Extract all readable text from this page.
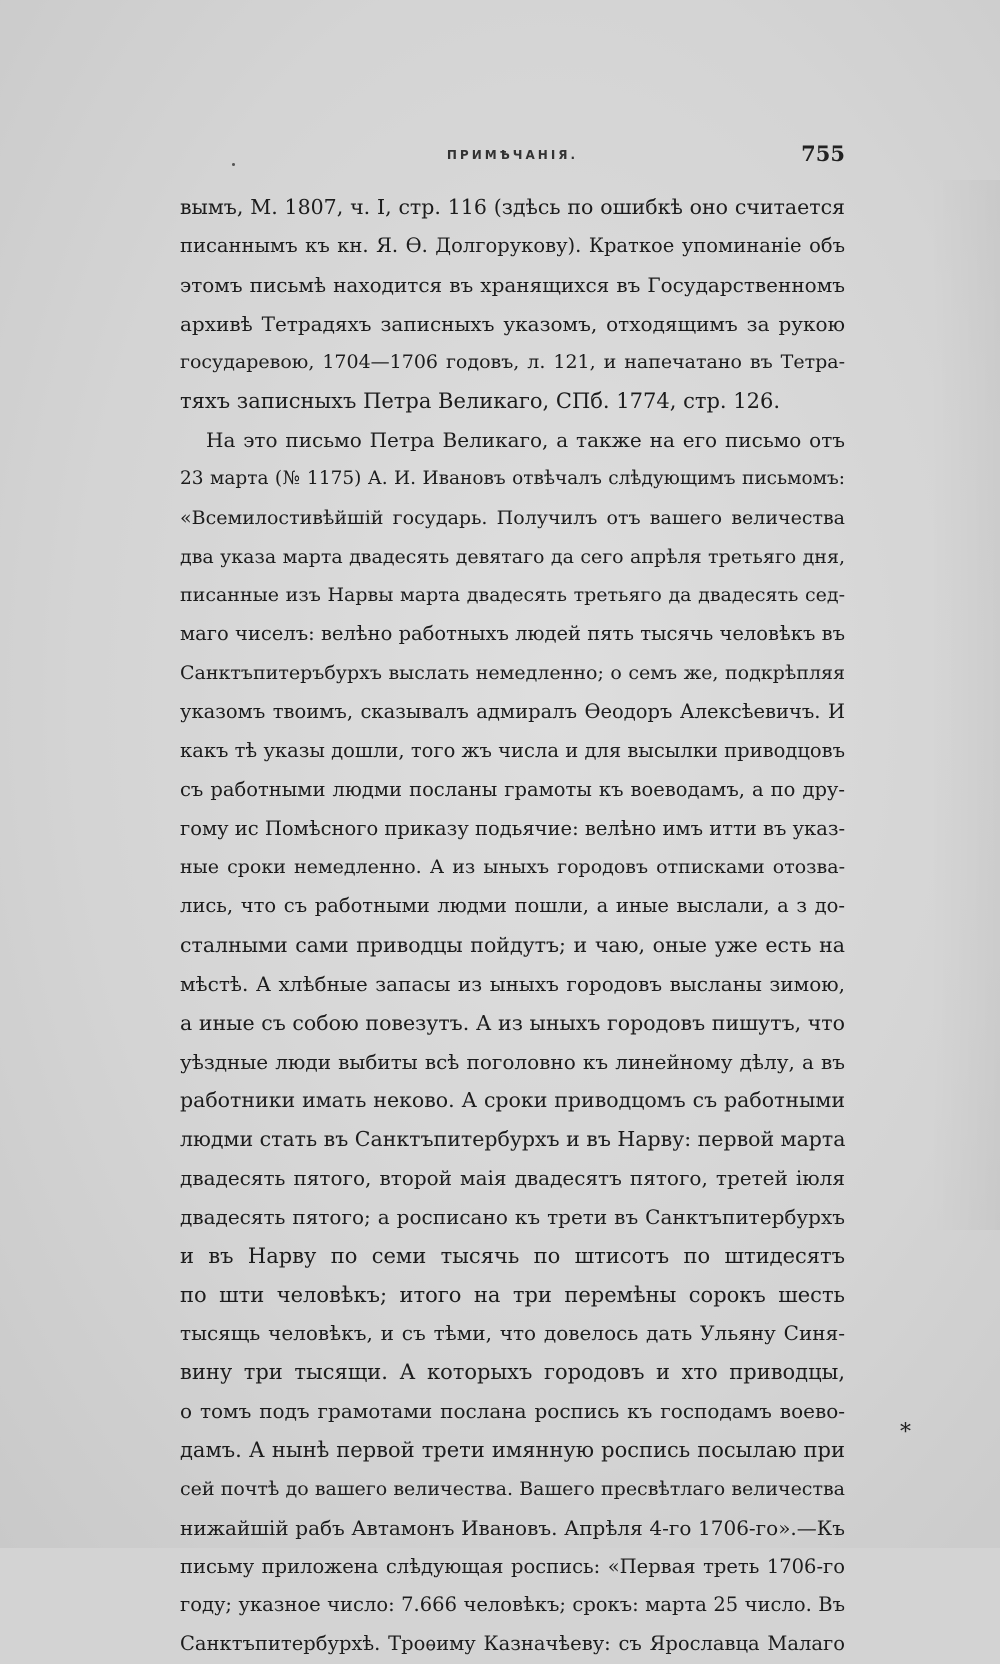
ПРИМѢЧАНІЯ.	755
вымъ, М. 1807, ч. I, стр. 116 (здѣсь по ошибкѣ оно считается
писаннымъ къ кн. Я. Ѳ. Долгорукову). Краткое упоминаніе объ
этомъ письмѣ находится въ хранящихся въ Государственномъ
архивѣ Тетрадяхъ записныхъ указомъ, отходящимъ за рукою
государевою, 1704—1706 годовъ, л. 121, и напечатано въ Тетра-
тяхъ записныхъ Петра Великаго, СПб. 1774, стр. 126.
На это письмо Петра Великаго, а также на его письмо отъ
23 марта (№ 1175) А. И. Ивановъ отвѣчалъ слѣдующимъ письмомъ:
«Всемилостивѣйшій государь. Получилъ отъ вашего величества
два указа марта двадесять девятаго да сего апрѣля третьяго дня,
писанные изъ Нарвы марта двадесять третьяго да двадесять сед-
маго чиселъ: велѣно работныхъ людей пять тысячь человѣкъ въ
Санктъпитеръбурхъ выслать немедленно; о семъ же, подкрѣпляя
указомъ твоимъ, сказывалъ адмиралъ Ѳеодоръ Алексѣевичъ. И
какъ тѣ указы дошли, того жъ числа и для высылки приводцовъ
съ работными людми посланы грамоты къ воеводамъ, а по дру-
гому ис Помѣсного приказу подьячие: велѣно имъ итти въ указ-
ные сроки немедленно. А из ыныхъ городовъ отписками отозва-
лись, что съ работными людми пошли, а иные выслали, а з до-
сталными сами приводцы пойдутъ; и чаю, оные уже есть на
мѣстѣ. А хлѣбные запасы из ыныхъ городовъ высланы зимою,
а иные съ собою повезутъ. А из ыныхъ городовъ пишутъ, что
уѣздные люди выбиты всѣ поголовно къ линейному дѣлу, а въ
работники имать неково. А сроки приводцомъ съ работными
людми стать въ Санктъпитербурхъ и въ Нарву: первой марта
двадесять пятого, второй маія двадесятъ пятого, третей іюля
двадесять пятого; а росписано къ трети въ Санктъпитербурхъ
и въ Нарву по семи тысячь по штисотъ по штидесятъ
по шти человѣкъ; итого на три перемѣны сорокъ шесть
тысящь человѣкъ, и съ тѣми, что довелось дать Ульяну Синя-
вину три тысящи. А которыхъ городовъ и хто приводцы,
о томъ подъ грамотами послана роспись къ господамъ воево-
дамъ. А нынѣ первой трети имянную роспись посылаю при
сей почтѣ до вашего величества. Вашего пресвѣтлаго величества
нижайшій рабъ Автамонъ Ивановъ. Апрѣля 4-го 1706-го».—Къ
письму приложена слѣдующая роспись: «Первая треть 1706-го
году; указное число: 7.666 человѣкъ; срокъ: марта 25 число. Въ
Санктъпитербурхѣ. Троѳиму Казначѣеву: съ Ярославца Малаго
*
